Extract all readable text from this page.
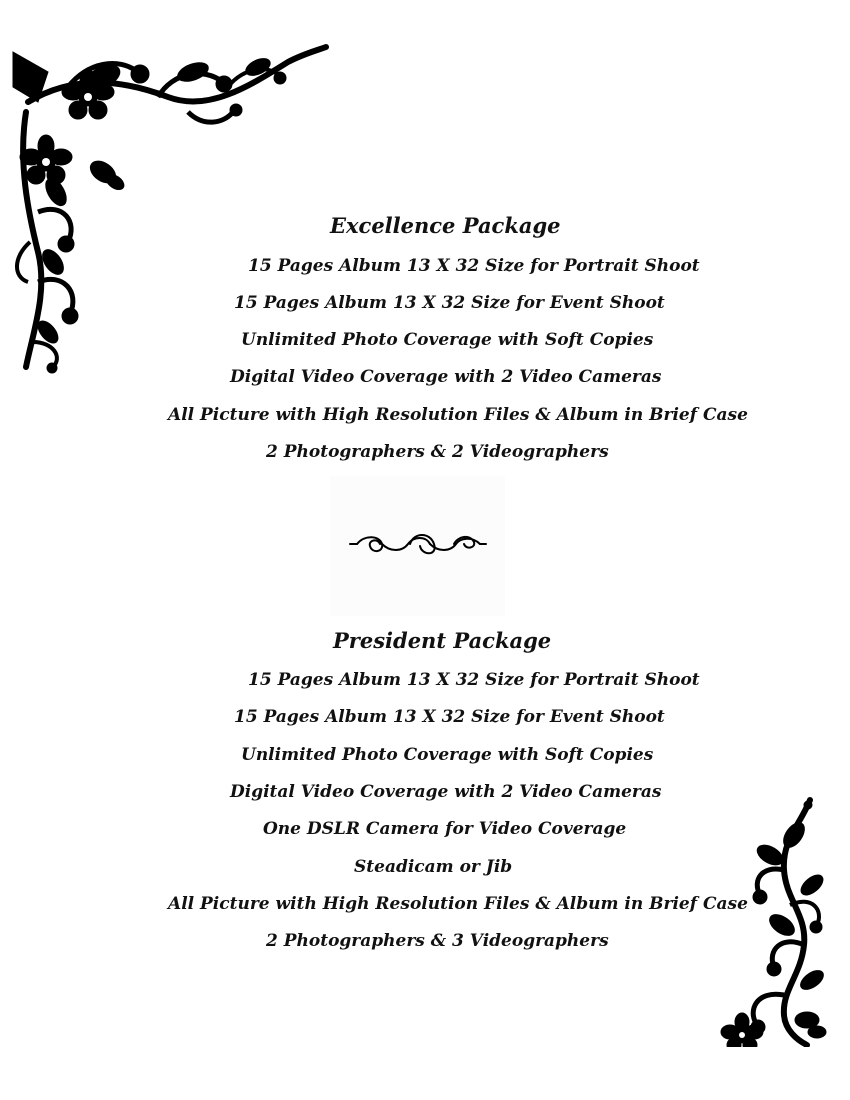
Excellence Package
15 Pages Album 13 X 32 Size for Portrait Shoot
15 Pages Album 13 X 32 Size for Event Shoot
Unlimited Photo Coverage with Soft Copies
Digital Video Coverage with 2 Video Cameras
All Picture with High Resolution Files & Album in Brief Case
2 Photographers & 2 Videographers
President Package
15 Pages Album 13 X 32 Size for Portrait Shoot
15 Pages Album 13 X 32 Size for Event Shoot
Unlimited Photo Coverage with Soft Copies
Digital Video Coverage with 2 Video Cameras
One DSLR Camera for Video Coverage
Steadicam or Jib
All Picture with High Resolution Files & Album in Brief Case
2 Photographers & 3 Videographers
